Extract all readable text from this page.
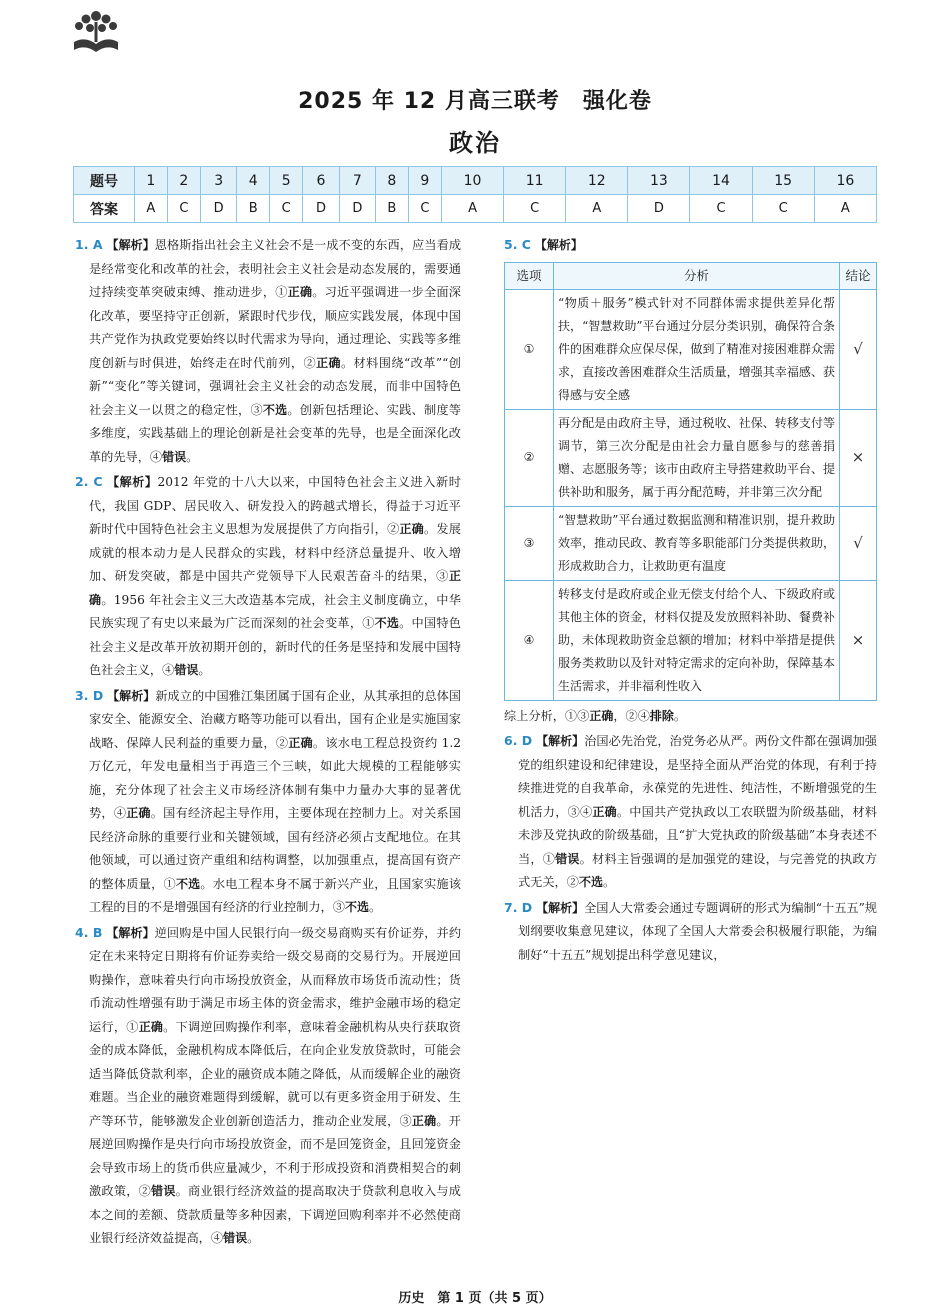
2025 年 12 月高三联考　强化卷
政治
题号	1	2	3	4	5	6	7	8	9	10	11	12	13	14	15	16
答案	A	C	D	B	C	D	D	B	C	A	C	A	D	C	C	A
1. A 【解析】恩格斯指出社会主义社会不是一成不变的东西，应当看成是经常变化和改革的社会，表明社会主义社会是动态发展的，需要通过持续变革突破束缚、推动进步，①正确。习近平强调进一步全面深化改革，要坚持守正创新，紧跟时代步伐，顺应实践发展，体现中国共产党作为执政党要始终以时代需求为导向，通过理论、实践等多维度创新与时俱进，始终走在时代前列，②正确。材料围绕“改革”“创新”“变化”等关键词，强调社会主义社会的动态发展，而非中国特色社会主义一以贯之的稳定性，③不选。创新包括理论、实践、制度等多维度，实践基础上的理论创新是社会变革的先导，也是全面深化改革的先导，④错误。
2. C 【解析】2012 年党的十八大以来，中国特色社会主义进入新时代，我国 GDP、居民收入、研发投入的跨越式增长，得益于习近平新时代中国特色社会主义思想为发展提供了方向指引，②正确。发展成就的根本动力是人民群众的实践，材料中经济总量提升、收入增加、研发突破，都是中国共产党领导下人民艰苦奋斗的结果，③正确。1956 年社会主义三大改造基本完成，社会主义制度确立，中华民族实现了有史以来最为广泛而深刻的社会变革，①不选。中国特色社会主义是改革开放初期开创的，新时代的任务是坚持和发展中国特色社会主义，④错误。
3. D 【解析】新成立的中国雅江集团属于国有企业，从其承担的总体国家安全、能源安全、治藏方略等功能可以看出，国有企业是实施国家战略、保障人民利益的重要力量，②正确。该水电工程总投资约 1.2 万亿元，年发电量相当于再造三个三峡，如此大规模的工程能够实施，充分体现了社会主义市场经济体制有集中力量办大事的显著优势，④正确。国有经济起主导作用，主要体现在控制力上。对关系国民经济命脉的重要行业和关键领域，国有经济必须占支配地位。在其他领域，可以通过资产重组和结构调整，以加强重点，提高国有资产的整体质量，①不选。水电工程本身不属于新兴产业，且国家实施该工程的目的不是增强国有经济的行业控制力，③不选。
4. B 【解析】逆回购是中国人民银行向一级交易商购买有价证券，并约定在未来特定日期将有价证券卖给一级交易商的交易行为。开展逆回购操作，意味着央行向市场投放资金，从而释放市场货币流动性；货币流动性增强有助于满足市场主体的资金需求，维护金融市场的稳定运行，①正确。下调逆回购操作利率，意味着金融机构从央行获取资金的成本降低，金融机构成本降低后，在向企业发放贷款时，可能会适当降低贷款利率，企业的融资成本随之降低，从而缓解企业的融资难题。当企业的融资难题得到缓解，就可以有更多资金用于研发、生产等环节，能够激发企业创新创造活力，推动企业发展，③正确。开展逆回购操作是央行向市场投放资金，而不是回笼资金，且回笼资金会导致市场上的货币供应量减少，不利于形成投资和消费相契合的刺激政策，②错误。商业银行经济效益的提高取决于贷款利息收入与成本之间的差额、贷款质量等多种因素，下调逆回购利率并不必然使商业银行经济效益提高，④错误。
5. C 【解析】
选项	分析	结论
①	“物质＋服务”模式针对不同群体需求提供差异化帮扶，“智慧救助”平台通过分层分类识别，确保符合条件的困难群众应保尽保，做到了精准对接困难群众需求，直接改善困难群众生活质量，增强其幸福感、获得感与安全感	√
②	再分配是由政府主导，通过税收、社保、转移支付等调节，第三次分配是由社会力量自愿参与的慈善捐赠、志愿服务等；该市由政府主导搭建救助平台、提供补助和服务，属于再分配范畴，并非第三次分配	×
③	“智慧救助”平台通过数据监测和精准识别，提升救助效率，推动民政、教育等多职能部门分类提供救助，形成救助合力，让救助更有温度	√
④	转移支付是政府或企业无偿支付给个人、下级政府或其他主体的资金，材料仅提及发放照料补助、餐费补助，未体现救助资金总额的增加；材料中举措是提供服务类救助以及针对特定需求的定向补助，保障基本生活需求，并非福利性收入	×
综上分析，①③正确，②④排除。
6. D 【解析】治国必先治党，治党务必从严。两份文件都在强调加强党的组织建设和纪律建设，是坚持全面从严治党的体现，有利于持续推进党的自我革命，永葆党的先进性、纯洁性，不断增强党的生机活力，③④正确。中国共产党执政以工农联盟为阶级基础，材料未涉及党执政的阶级基础，且“扩大党执政的阶级基础”本身表述不当，①错误。材料主旨强调的是加强党的建设，与完善党的执政方式无关，②不选。
7. D 【解析】全国人大常委会通过专题调研的形式为编制“十五五”规划纲要收集意见建议，体现了全国人大常委会积极履行职能，为编制好“十五五”规划提出科学意见建议，
历史　第 1 页（共 5 页）
